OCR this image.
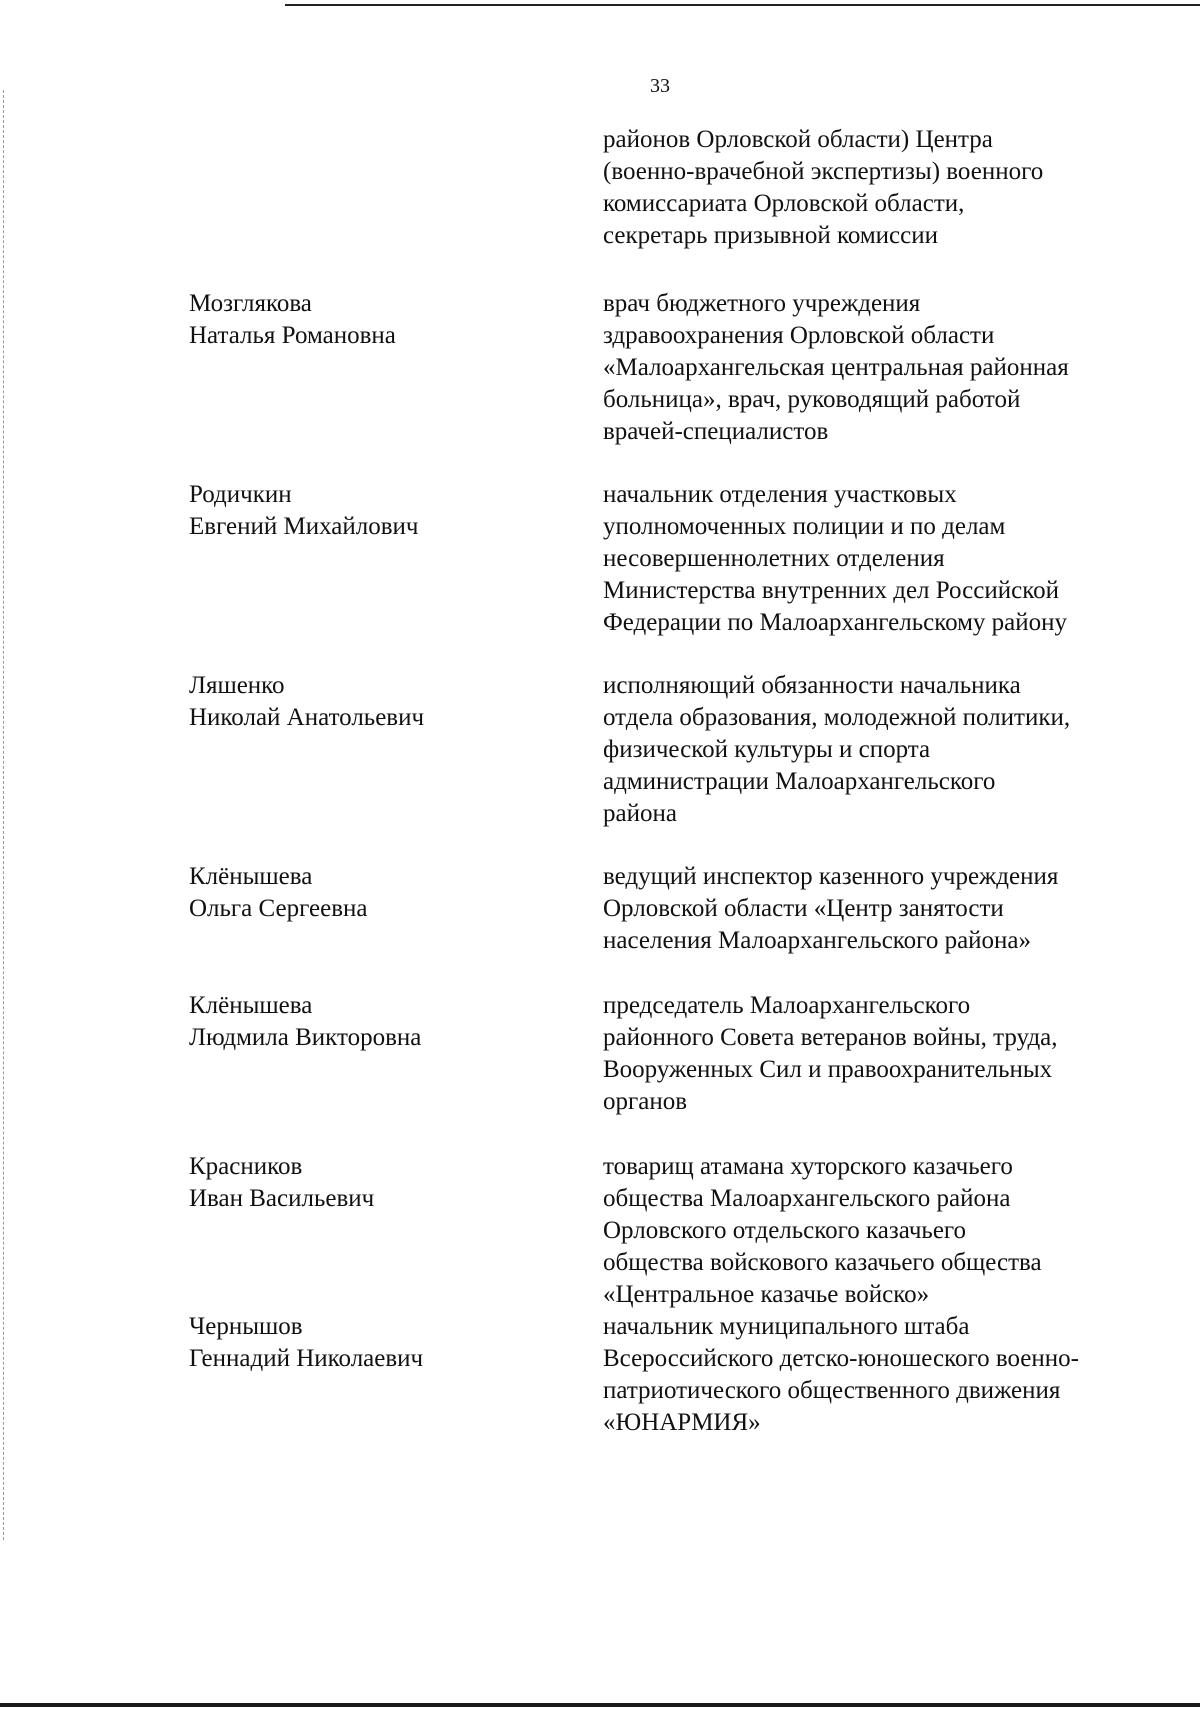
33
районов Орловской области) Центра
(военно-врачебной экспертизы) военного
комиссариата Орловской области,
секретарь призывной комиссии
Мозглякова
Наталья Романовна
врач бюджетного учреждения
здравоохранения Орловской области
«Малоархангельская центральная районная
больница», врач, руководящий работой
врачей-специалистов
Родичкин
Евгений Михайлович
начальник отделения участковых
уполномоченных полиции и по делам
несовершеннолетних отделения
Министерства внутренних дел Российской
Федерации по Малоархангельскому району
Ляшенко
Николай Анатольевич
исполняющий обязанности начальника
отдела образования, молодежной политики,
физической культуры и спорта
администрации Малоархангельского
района
Клёнышева
Ольга Сергеевна
ведущий инспектор казенного учреждения
Орловской области «Центр занятости
населения Малоархангельского района»
Клёнышева
Людмила Викторовна
председатель Малоархангельского
районного Совета ветеранов войны, труда,
Вооруженных Сил и правоохранительных
органов
Красников
Иван Васильевич
товарищ атамана хуторского казачьего
общества Малоархангельского района
Орловского отдельского казачьего
общества войскового казачьего общества
«Центральное казачье войско»
Чернышов
Геннадий Николаевич
начальник муниципального штаба
Всероссийского детско-юношеского военно-
патриотического общественного движения
«ЮНАРМИЯ»
